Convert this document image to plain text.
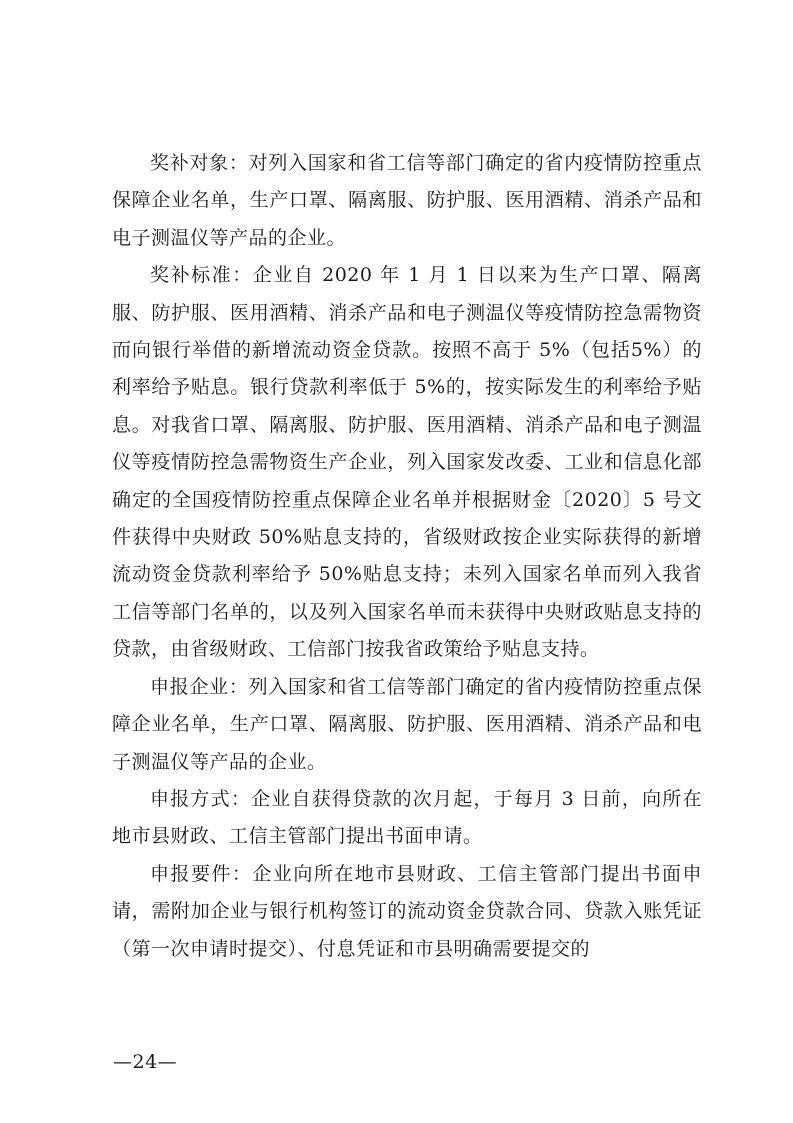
奖补对象：对列入国家和省工信等部门确定的省内疫情防控重点保障企业名单，生产口罩、隔离服、防护服、医用酒精、消杀产品和电子测温仪等产品的企业。

奖补标准：企业自 2020 年 1 月 1 日以来为生产口罩、隔离服、防护服、医用酒精、消杀产品和电子测温仪等疫情防控急需物资而向银行举借的新增流动资金贷款。按照不高于 5%（包括5%）的利率给予贴息。银行贷款利率低于 5%的，按实际发生的利率给予贴息。对我省口罩、隔离服、防护服、医用酒精、消杀产品和电子测温仪等疫情防控急需物资生产企业，列入国家发改委、工业和信息化部确定的全国疫情防控重点保障企业名单并根据财金〔2020〕5 号文件获得中央财政 50%贴息支持的，省级财政按企业实际获得的新增流动资金贷款利率给予 50%贴息支持；未列入国家名单而列入我省工信等部门名单的，以及列入国家名单而未获得中央财政贴息支持的贷款，由省级财政、工信部门按我省政策给予贴息支持。

申报企业：列入国家和省工信等部门确定的省内疫情防控重点保障企业名单，生产口罩、隔离服、防护服、医用酒精、消杀产品和电子测温仪等产品的企业。

申报方式：企业自获得贷款的次月起，于每月 3 日前，向所在地市县财政、工信主管部门提出书面申请。

申报要件：企业向所在地市县财政、工信主管部门提出书面申请，需附加企业与银行机构签订的流动资金贷款合同、贷款入账凭证（第一次申请时提交）、付息凭证和市县明确需要提交的

—24—
